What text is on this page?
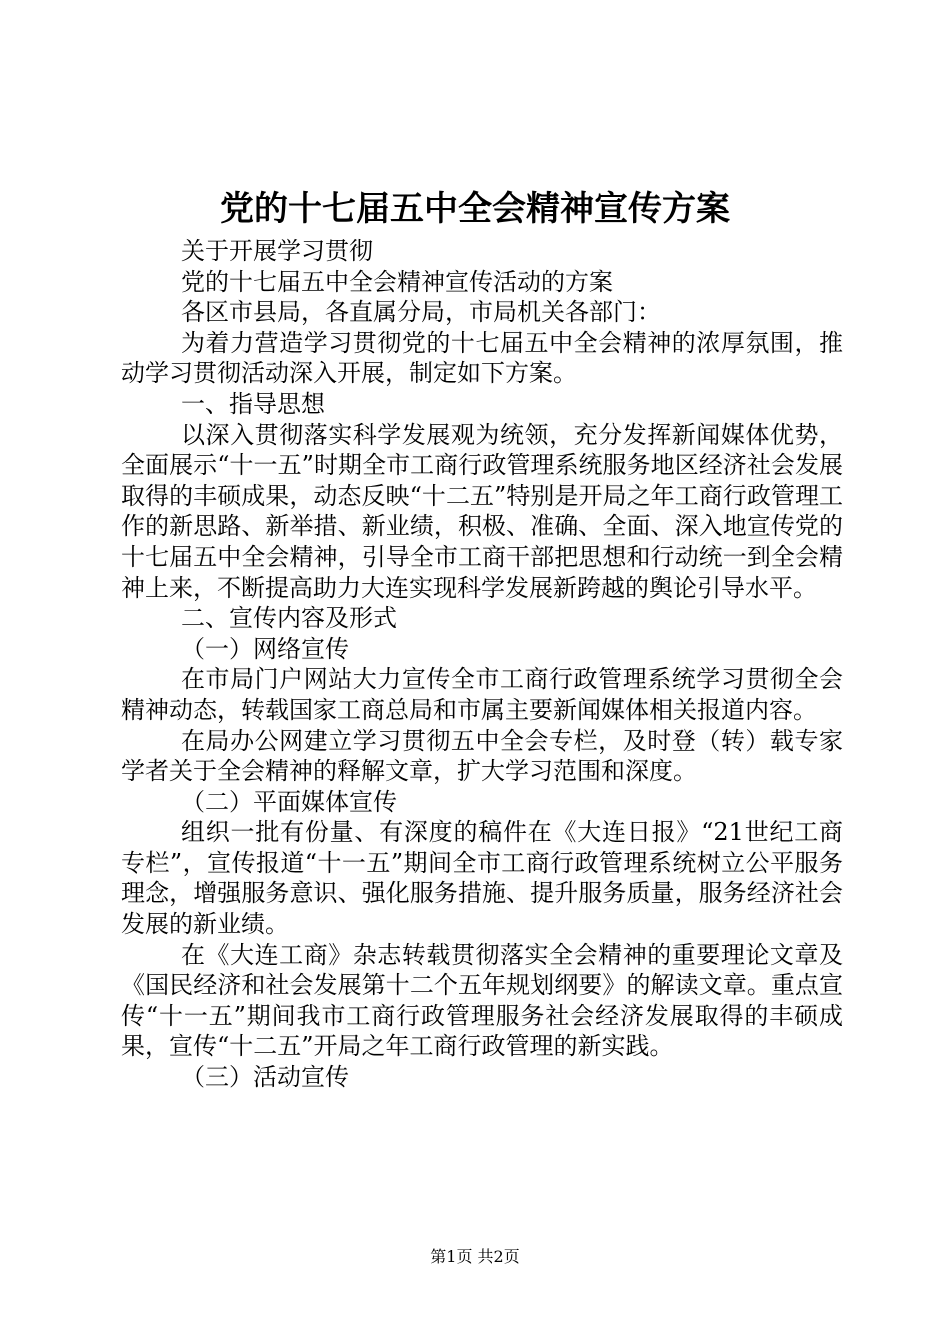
党的十七届五中全会精神宣传方案

关于开展学习贯彻

党的十七届五中全会精神宣传活动的方案

各区市县局，各直属分局，市局机关各部门：

为着力营造学习贯彻党的十七届五中全会精神的浓厚氛围，推动学习贯彻活动深入开展，制定如下方案。

一、指导思想

以深入贯彻落实科学发展观为统领，充分发挥新闻媒体优势，全面展示“十一五”时期全市工商行政管理系统服务地区经济社会发展取得的丰硕成果，动态反映“十二五”特别是开局之年工商行政管理工作的新思路、新举措、新业绩，积极、准确、全面、深入地宣传党的十七届五中全会精神，引导全市工商干部把思想和行动统一到全会精神上来，不断提高助力大连实现科学发展新跨越的舆论引导水平。

二、宣传内容及形式

（一）网络宣传

在市局门户网站大力宣传全市工商行政管理系统学习贯彻全会精神动态，转载国家工商总局和市属主要新闻媒体相关报道内容。

在局办公网建立学习贯彻五中全会专栏，及时登（转）载专家学者关于全会精神的释解文章，扩大学习范围和深度。

（二）平面媒体宣传

组织一批有份量、有深度的稿件在《大连日报》“21世纪工商专栏”，宣传报道“十一五”期间全市工商行政管理系统树立公平服务理念，增强服务意识、强化服务措施、提升服务质量，服务经济社会发展的新业绩。

在《大连工商》杂志转载贯彻落实全会精神的重要理论文章及《国民经济和社会发展第十二个五年规划纲要》的解读文章。重点宣传“十一五”期间我市工商行政管理服务社会经济发展取得的丰硕成果，宣传“十二五”开局之年工商行政管理的新实践。

（三）活动宣传

第1页 共2页
